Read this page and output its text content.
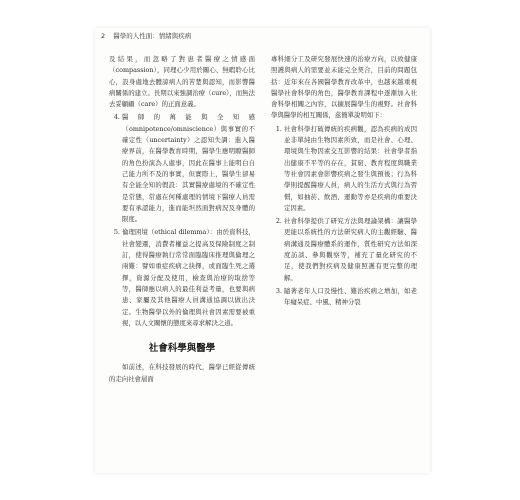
2 醫學的人性面：情緒與疾病

及結果，而忽略了對患者醫療之情感面（compassion），同理心少用於關心、無暇聆心比心，設身處地去體諒病人的苦楚與認知，而影響醫病關係的建立。長期以來強調治療（cure），而無法去妥顧顧（care）的正面意義。

4. 醫師的萬能與全知感（omnipotence/omniscience）與事實的不確定性（uncertainty）之認知失調：進入醫療界前，在醫學教育時期，醫學生應明瞭醫師的角色扮演為人處事，因此在醫事上能明白自己能力所不及的事實，但實際上，醫學生卻易有全能全知的假設：其實醫療處境的不確定性是常態，常處在何種處理的情境下醫療人員需要有承認能力，進而能坦然面對病況及身體的限度。
5. 倫理困境（ethical dilemma）：由於資科技，社會變遷，消費者權益之提高及保險制度之制訂，使得醫療執行常常面臨臨床推理與倫理之兩難：譬如重症疾病之抉擇，或面臨生死之選擇，資源分配及使用，檢查與治療的取捨等等，醫師應以病人的最佳利益考量，也要與病患、家屬及其他醫療人員溝通協調以做出決定。生物醫學以外的倫理與社會因素需要被重視，以人文關懷的態度來尋求解決之道。
社會科學與醫學

如前述，在科技發展的時代，醫學已經從傳統的走向社會層面

專科細分工及研究發展快速的治療方向，以致健康照護與病人的需要並未能完全契合，目前的問題包括：近年來在各國醫學教育改革中，也越來越重視醫學社會科學的角色，醫學教育課程中逐漸加入社會科學相關之內容，以擴展醫學生的視野。社會科學與醫學的相互關係，茲簡單說明如下：

1. 社會科學打破傳統的疾病觀，認為疾病的成因並非單純由生物因素所致，而是社會、心理、環境與生物因素交互影響的結果：社會學者指出健康不平等的存在，貧窮、教育程度與職業等社會因素會影響疾病之發生與預後；行為科學則提醒醫療人員，病人的生活方式與行為習慣，如抽菸、飲酒、運動等亦是疾病的重要決定因素。
2. 社會科學提供了研究方法與理論架構：讓醫學更能以系統性的方法研究病人的主觀經驗、醫病溝通及醫療體系的運作，質性研究方法如深度訪談、參與觀察等，補充了量化研究的不足，使我們對疾病及健康照護有更完整的理解。
3. 隨著老年人口及慢性、難治疾病之增加，如老年癡呆症、中風、精神分裂
